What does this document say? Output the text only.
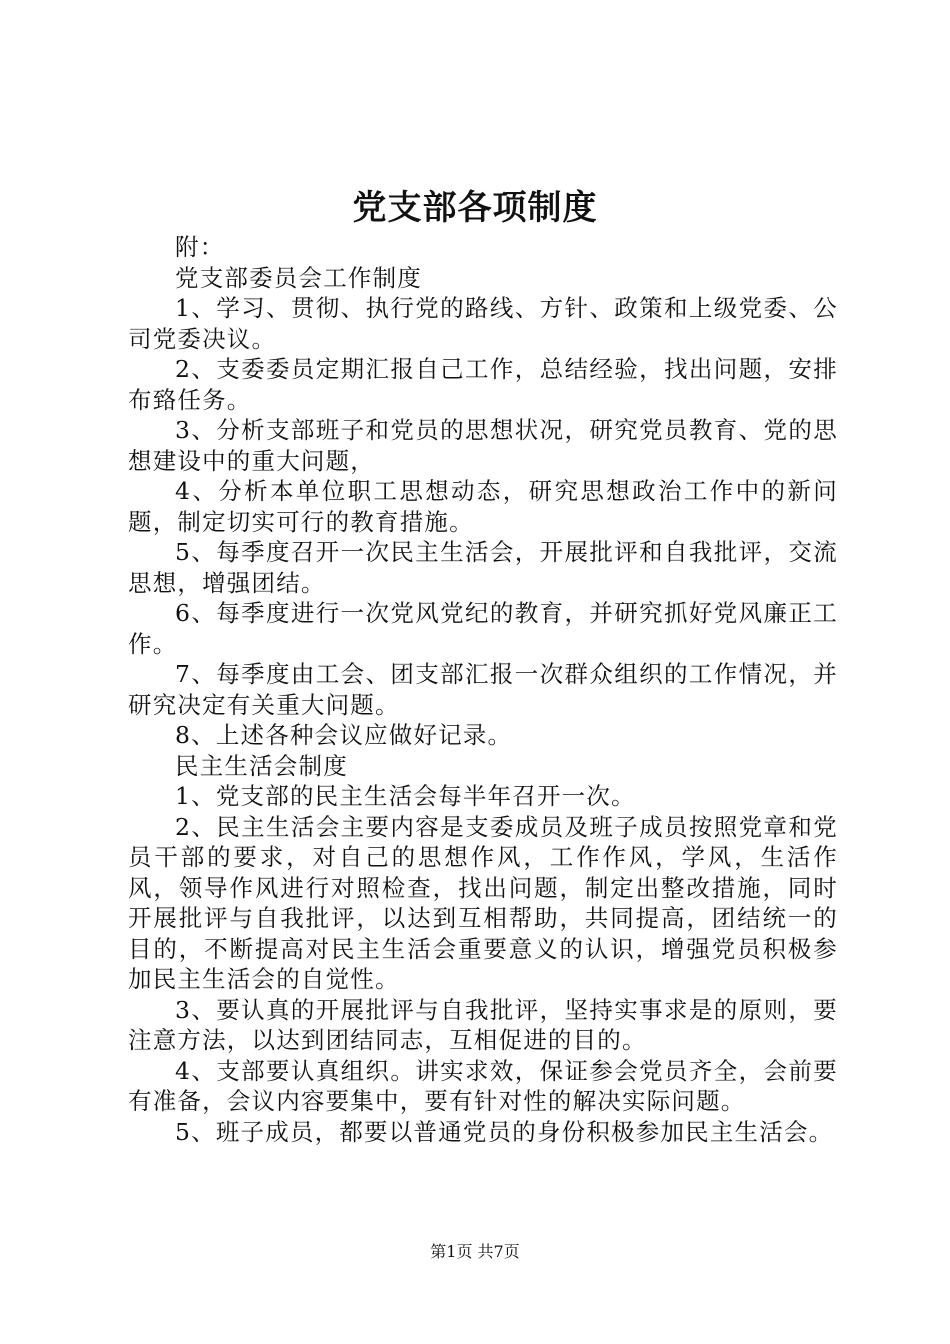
党支部各项制度

附：

党支部委员会工作制度

1、学习、贯彻、执行党的路线、方针、政策和上级党委、公司党委决议。

2、支委委员定期汇报自己工作，总结经验，找出问题，安排布臵任务。

3、分析支部班子和党员的思想状况，研究党员教育、党的思想建设中的重大问题，

4、分析本单位职工思想动态，研究思想政治工作中的新问题，制定切实可行的教育措施。

5、每季度召开一次民主生活会，开展批评和自我批评，交流思想，增强团结。

6、每季度进行一次党风党纪的教育，并研究抓好党风廉正工作。

7、每季度由工会、团支部汇报一次群众组织的工作情况，并研究决定有关重大问题。

8、上述各种会议应做好记录。

民主生活会制度

1、党支部的民主生活会每半年召开一次。

2、民主生活会主要内容是支委成员及班子成员按照党章和党员干部的要求，对自己的思想作风，工作作风，学风，生活作风，领导作风进行对照检查，找出问题，制定出整改措施，同时开展批评与自我批评，以达到互相帮助，共同提高，团结统一的目的，不断提高对民主生活会重要意义的认识，增强党员积极参加民主生活会的自觉性。

3、要认真的开展批评与自我批评，坚持实事求是的原则，要注意方法，以达到团结同志，互相促进的目的。

4、支部要认真组织。讲实求效，保证参会党员齐全，会前要有准备，会议内容要集中，要有针对性的解决实际问题。

5、班子成员，都要以普通党员的身份积极参加民主生活会。

第1页 共7页
